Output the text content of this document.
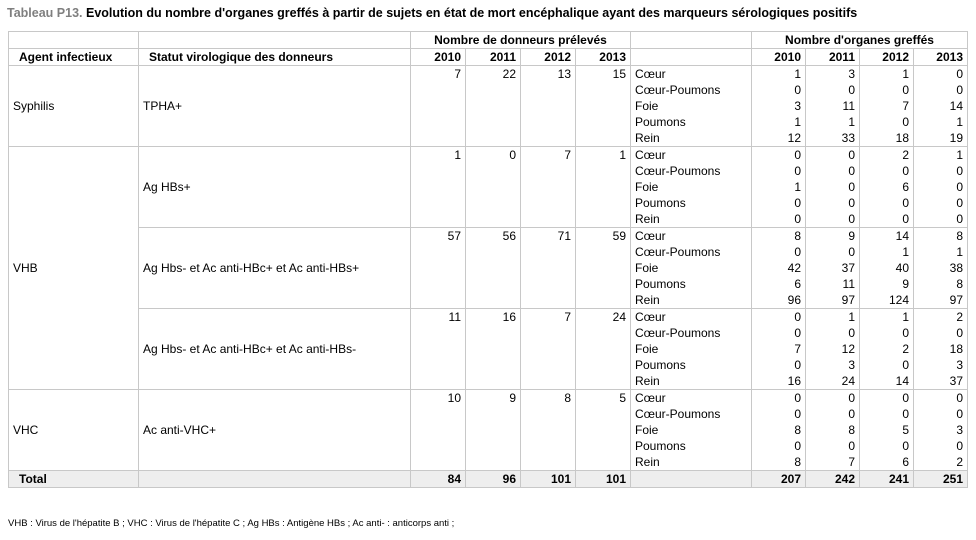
Tableau P13. Evolution du nombre d'organes greffés à partir de sujets en état de mort encéphalique ayant des marqueurs sérologiques positifs
		Nombre de donneurs prélevés					Nombre d'organes greffés			
Agent infectieux	Statut virologique des donneurs	2010	2011	2012	2013		2010	2011	2012	2013
Syphilis	TPHA+	7	22	13	15	Cœur	1	3	1	0
						Cœur-Poumons	0	0	0	0
						Foie	3	11	7	14
						Poumons	1	1	0	1
						Rein	12	33	18	19
VHB	Ag HBs+	1	0	7	1	Cœur	0	0	2	1
						Cœur-Poumons	0	0	0	0
						Foie	1	0	6	0
						Poumons	0	0	0	0
						Rein	0	0	0	0
	Ag Hbs- et Ac anti-HBc+ et Ac anti-HBs+	57	56	71	59	Cœur	8	9	14	8
						Cœur-Poumons	0	0	1	1
						Foie	42	37	40	38
						Poumons	6	11	9	8
						Rein	96	97	124	97
	Ag Hbs- et Ac anti-HBc+ et Ac anti-HBs-	11	16	7	24	Cœur	0	1	1	2
						Cœur-Poumons	0	0	0	0
						Foie	7	12	2	18
						Poumons	0	3	0	3
						Rein	16	24	14	37
VHC	Ac anti-VHC+	10	9	8	5	Cœur	0	0	0	0
						Cœur-Poumons	0	0	0	0
						Foie	8	8	5	3
						Poumons	0	0	0	0
						Rein	8	7	6	2
Total		84	96	101	101		207	242	241	251
VHB : Virus de l'hépatite B ; VHC : Virus de l'hépatite C ; Ag HBs : Antigène HBs ; Ac anti- : anticorps anti ;
